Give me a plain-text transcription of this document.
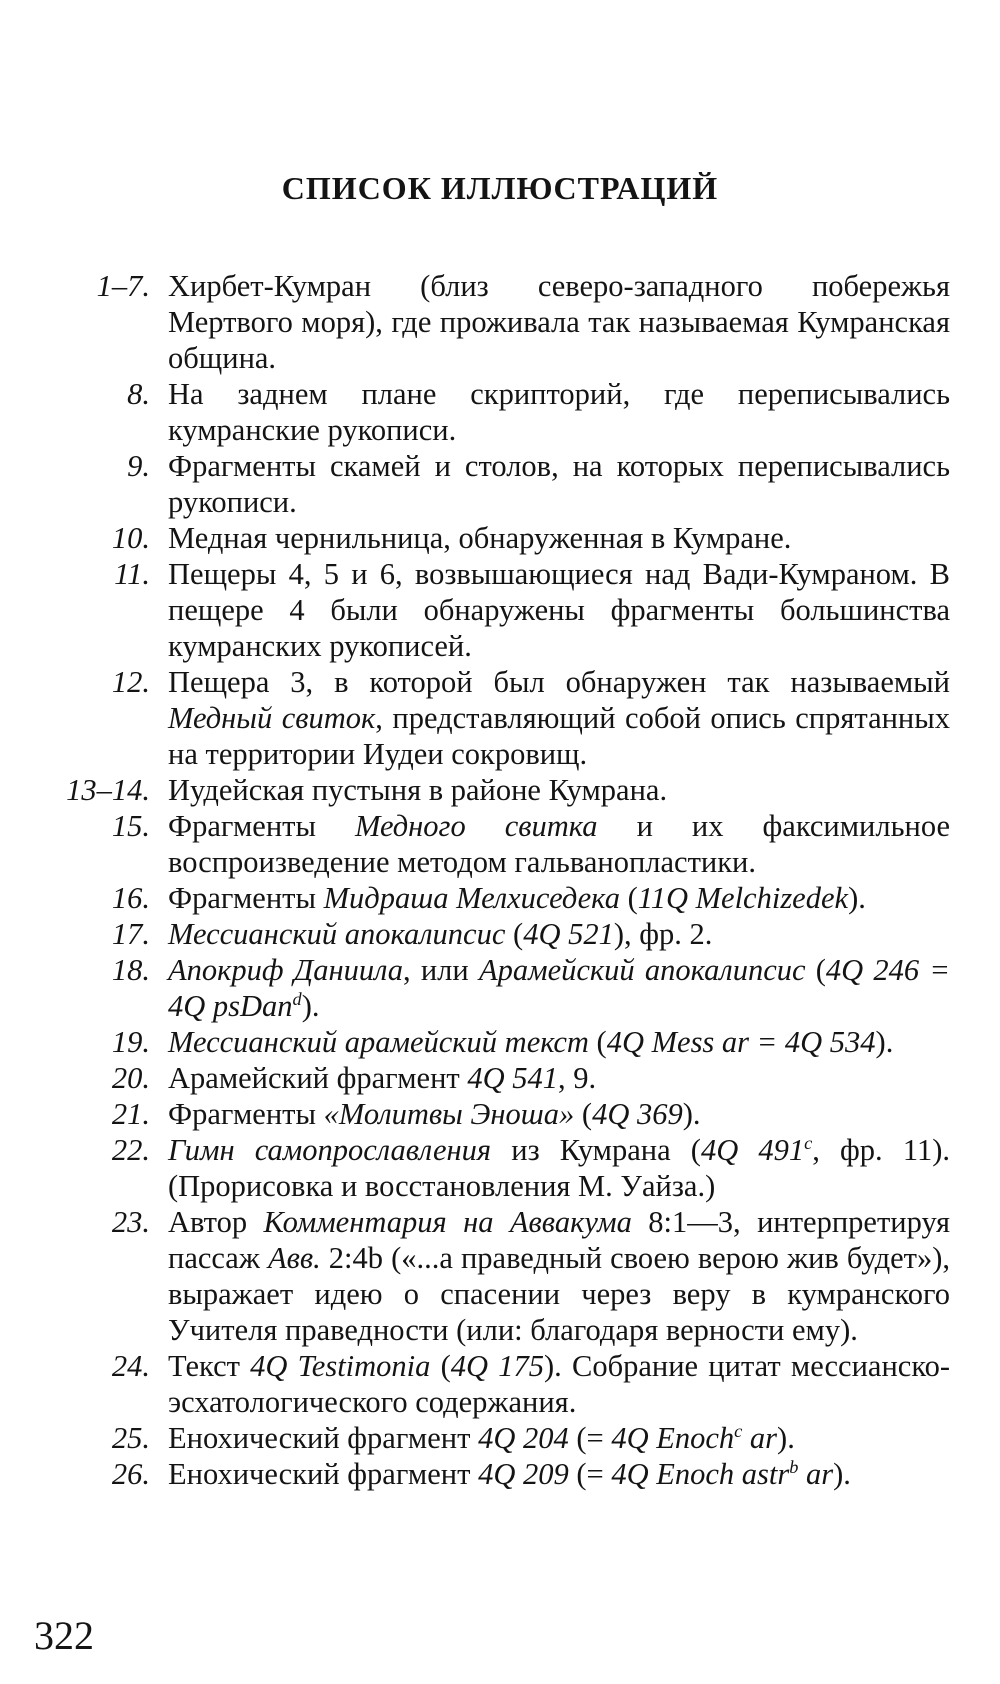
СПИСОК ИЛЛЮСТРАЦИЙ
1–7. Хирбет-Кумран (близ северо-западного побережья Мертвого моря), где проживала так называемая Кумранская община.
8. На заднем плане скрипторий, где переписывались кумранские рукописи.
9. Фрагменты скамей и столов, на которых переписывались рукописи.
10. Медная чернильница, обнаруженная в Кумране.
11. Пещеры 4, 5 и 6, возвышающиеся над Вади-Кумраном. В пещере 4 были обнаружены фрагменты большинства кумранских рукописей.
12. Пещера 3, в которой был обнаружен так называемый Медный свиток, представляющий собой опись спрятанных на территории Иудеи сокровищ.
13–14. Иудейская пустыня в районе Кумрана.
15. Фрагменты Медного свитка и их факсимильное воспроизведение методом гальванопластики.
16. Фрагменты Мидраша Мелхиседека (11Q Melchizedek).
17. Мессианский апокалипсис (4Q 521), фр. 2.
18. Апокриф Даниила, или Арамейский апокалипсис (4Q 246 = 4Q psDan$^d$).
19. Мессианский арамейский текст (4Q Mess ar = 4Q 534).
20. Арамейский фрагмент 4Q 541, 9.
21. Фрагменты «Молитвы Эноша» (4Q 369).
22. Гимн самопрославления из Кумрана (4Q 491$^c$, фр. 11). (Прорисовка и восстановления М. Уайза.)
23. Автор Комментария на Аввакума 8:1—3, интерпретируя пассаж Авв. 2:4b («...а праведный своею верою жив будет»), выражает идею о спасении через веру в кумранского Учителя праведности (или: благодаря верности ему).
24. Текст 4Q Testimonia (4Q 175). Собрание цитат мессианско-эсхатологического содержания.
25. Енохический фрагмент 4Q 204 (= 4Q Enoch$^c$ ar).
26. Енохический фрагмент 4Q 209 (= 4Q Enoch astr$^b$ ar).
322
